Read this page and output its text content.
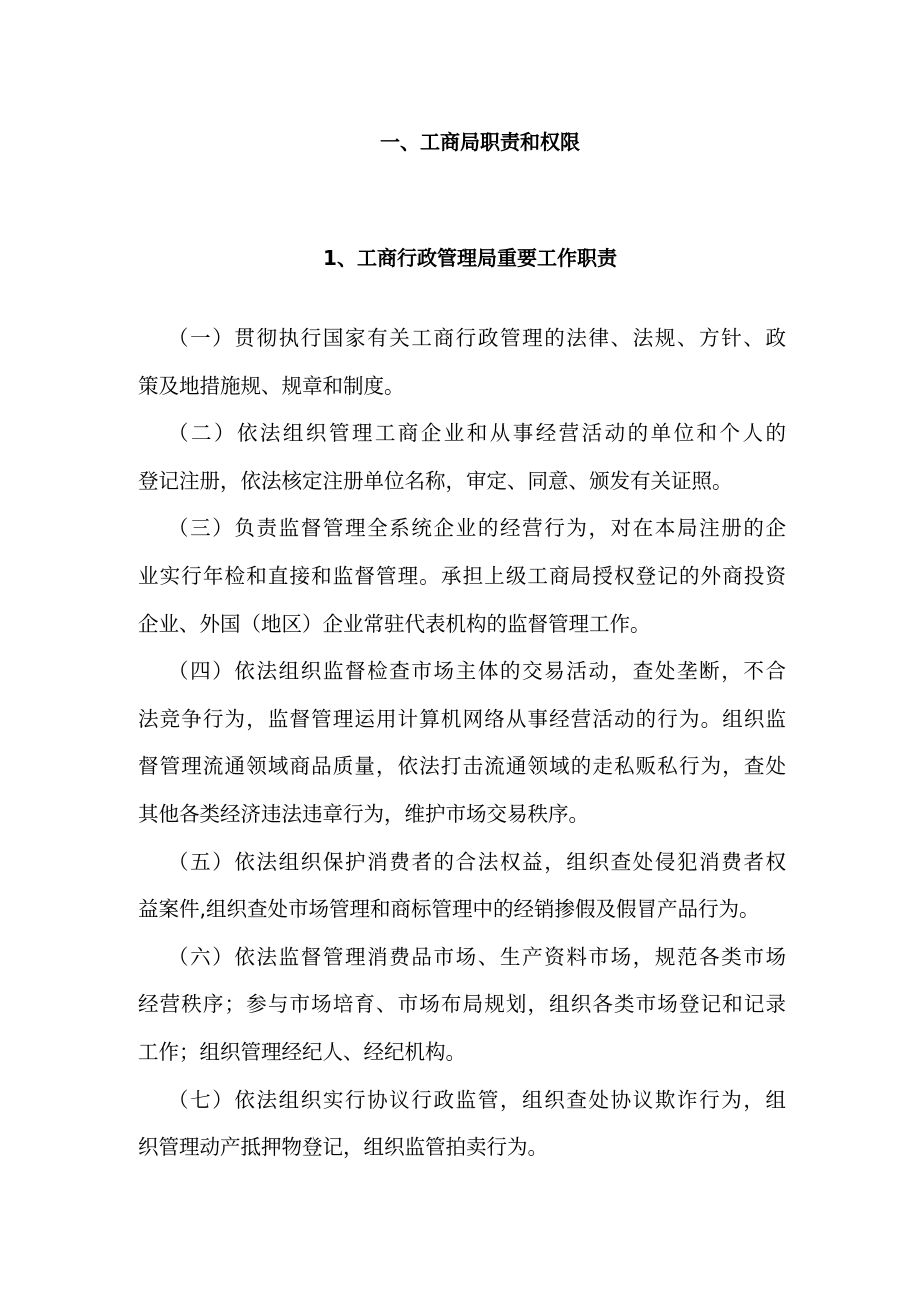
一、工商局职责和权限
1、工商行政管理局重要工作职责
（一）贯彻执行国家有关工商行政管理的法律、法规、方针、政
策及地措施规、规章和制度。
（二）依法组织管理工商企业和从事经营活动的单位和个人的
登记注册，依法核定注册单位名称，审定、同意、颁发有关证照。
（三）负责监督管理全系统企业的经营行为，对在本局注册的企
业实行年检和直接和监督管理。承担上级工商局授权登记的外商投资
企业、外国（地区）企业常驻代表机构的监督管理工作。
（四）依法组织监督检查市场主体的交易活动，查处垄断，不合
法竞争行为，监督管理运用计算机网络从事经营活动的行为。组织监
督管理流通领域商品质量，依法打击流通领域的走私贩私行为，查处
其他各类经济违法违章行为，维护市场交易秩序。
（五）依法组织保护消费者的合法权益，组织查处侵犯消费者权
益案件,组织查处市场管理和商标管理中的经销掺假及假冒产品行为。
（六）依法监督管理消费品市场、生产资料市场，规范各类市场
经营秩序；参与市场培育、市场布局规划，组织各类市场登记和记录
工作；组织管理经纪人、经纪机构。
（七）依法组织实行协议行政监管，组织查处协议欺诈行为，组
织管理动产抵押物登记，组织监管拍卖行为。
